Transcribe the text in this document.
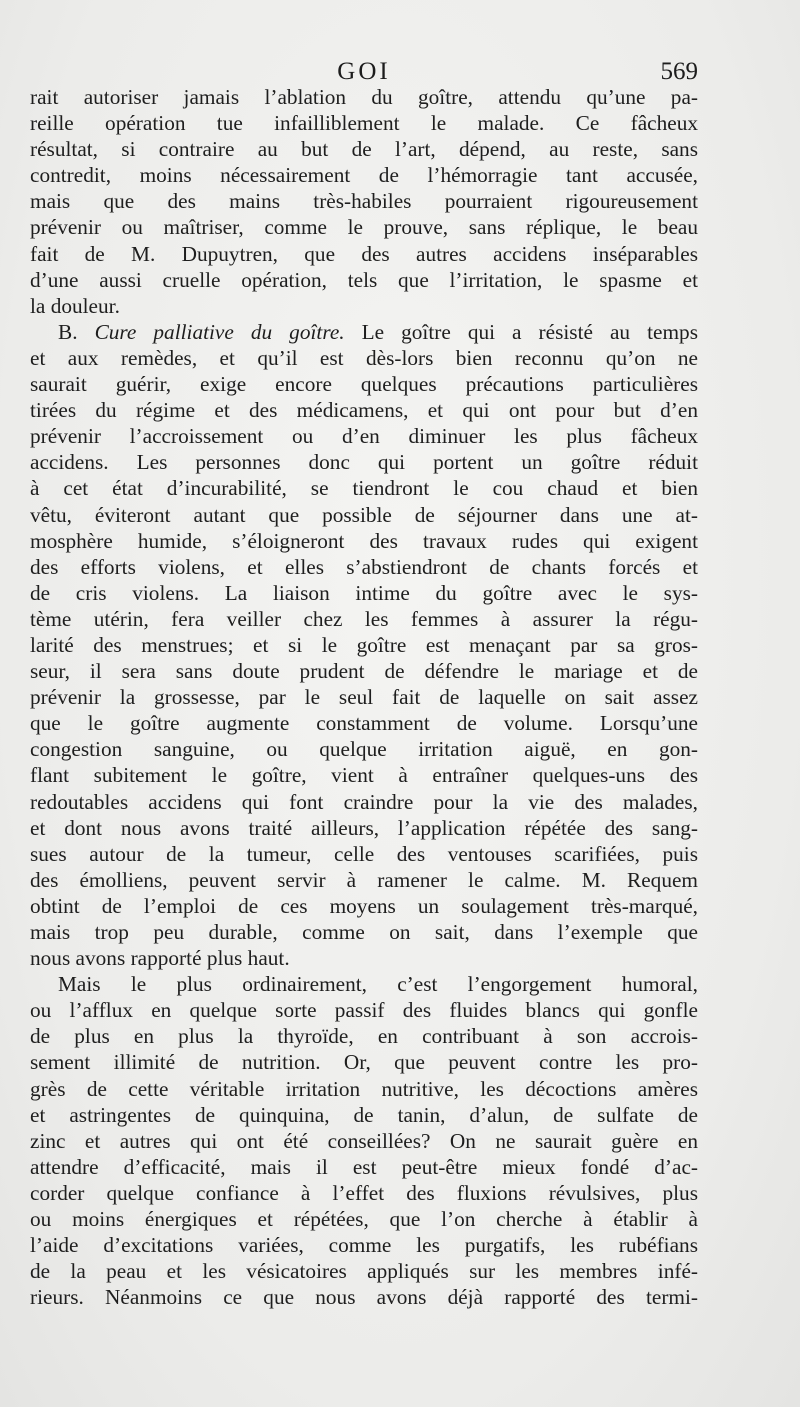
GOI	569
rait autoriser jamais l’ablation du goître, attendu qu’une pa-
reille opération tue infailliblement le malade. Ce fâcheux
résultat, si contraire au but de l’art, dépend, au reste, sans
contredit, moins nécessairement de l’hémorragie tant accusée,
mais que des mains très-habiles pourraient rigoureusement
prévenir ou maîtriser, comme le prouve, sans réplique, le beau
fait de M. Dupuytren, que des autres accidens inséparables
d’une aussi cruelle opération, tels que l’irritation, le spasme et
la douleur.
B. Cure palliative du goître. Le goître qui a résisté au temps
et aux remèdes, et qu’il est dès-lors bien reconnu qu’on ne
saurait guérir, exige encore quelques précautions particulières
tirées du régime et des médicamens, et qui ont pour but d’en
prévenir l’accroissement ou d’en diminuer les plus fâcheux
accidens. Les personnes donc qui portent un goître réduit
à cet état d’incurabilité, se tiendront le cou chaud et bien
vêtu, éviteront autant que possible de séjourner dans une at-
mosphère humide, s’éloigneront des travaux rudes qui exigent
des efforts violens, et elles s’abstiendront de chants forcés et
de cris violens. La liaison intime du goître avec le sys-
tème utérin, fera veiller chez les femmes à assurer la régu-
larité des menstrues; et si le goître est menaçant par sa gros-
seur, il sera sans doute prudent de défendre le mariage et de
prévenir la grossesse, par le seul fait de laquelle on sait assez
que le goître augmente constamment de volume. Lorsqu’une
congestion sanguine, ou quelque irritation aiguë, en gon-
flant subitement le goître, vient à entraîner quelques-uns des
redoutables accidens qui font craindre pour la vie des malades,
et dont nous avons traité ailleurs, l’application répétée des sang-
sues autour de la tumeur, celle des ventouses scarifiées, puis
des émolliens, peuvent servir à ramener le calme. M. Requem
obtint de l’emploi de ces moyens un soulagement très-marqué,
mais trop peu durable, comme on sait, dans l’exemple que
nous avons rapporté plus haut.
Mais le plus ordinairement, c’est l’engorgement humoral,
ou l’afflux en quelque sorte passif des fluides blancs qui gonfle
de plus en plus la thyroïde, en contribuant à son accrois-
sement illimité de nutrition. Or, que peuvent contre les pro-
grès de cette véritable irritation nutritive, les décoctions amères
et astringentes de quinquina, de tanin, d’alun, de sulfate de
zinc et autres qui ont été conseillées? On ne saurait guère en
attendre d’efficacité, mais il est peut-être mieux fondé d’ac-
corder quelque confiance à l’effet des fluxions révulsives, plus
ou moins énergiques et répétées, que l’on cherche à établir à
l’aide d’excitations variées, comme les purgatifs, les rubéfians
de la peau et les vésicatoires appliqués sur les membres infé-
rieurs. Néanmoins ce que nous avons déjà rapporté des termi-
